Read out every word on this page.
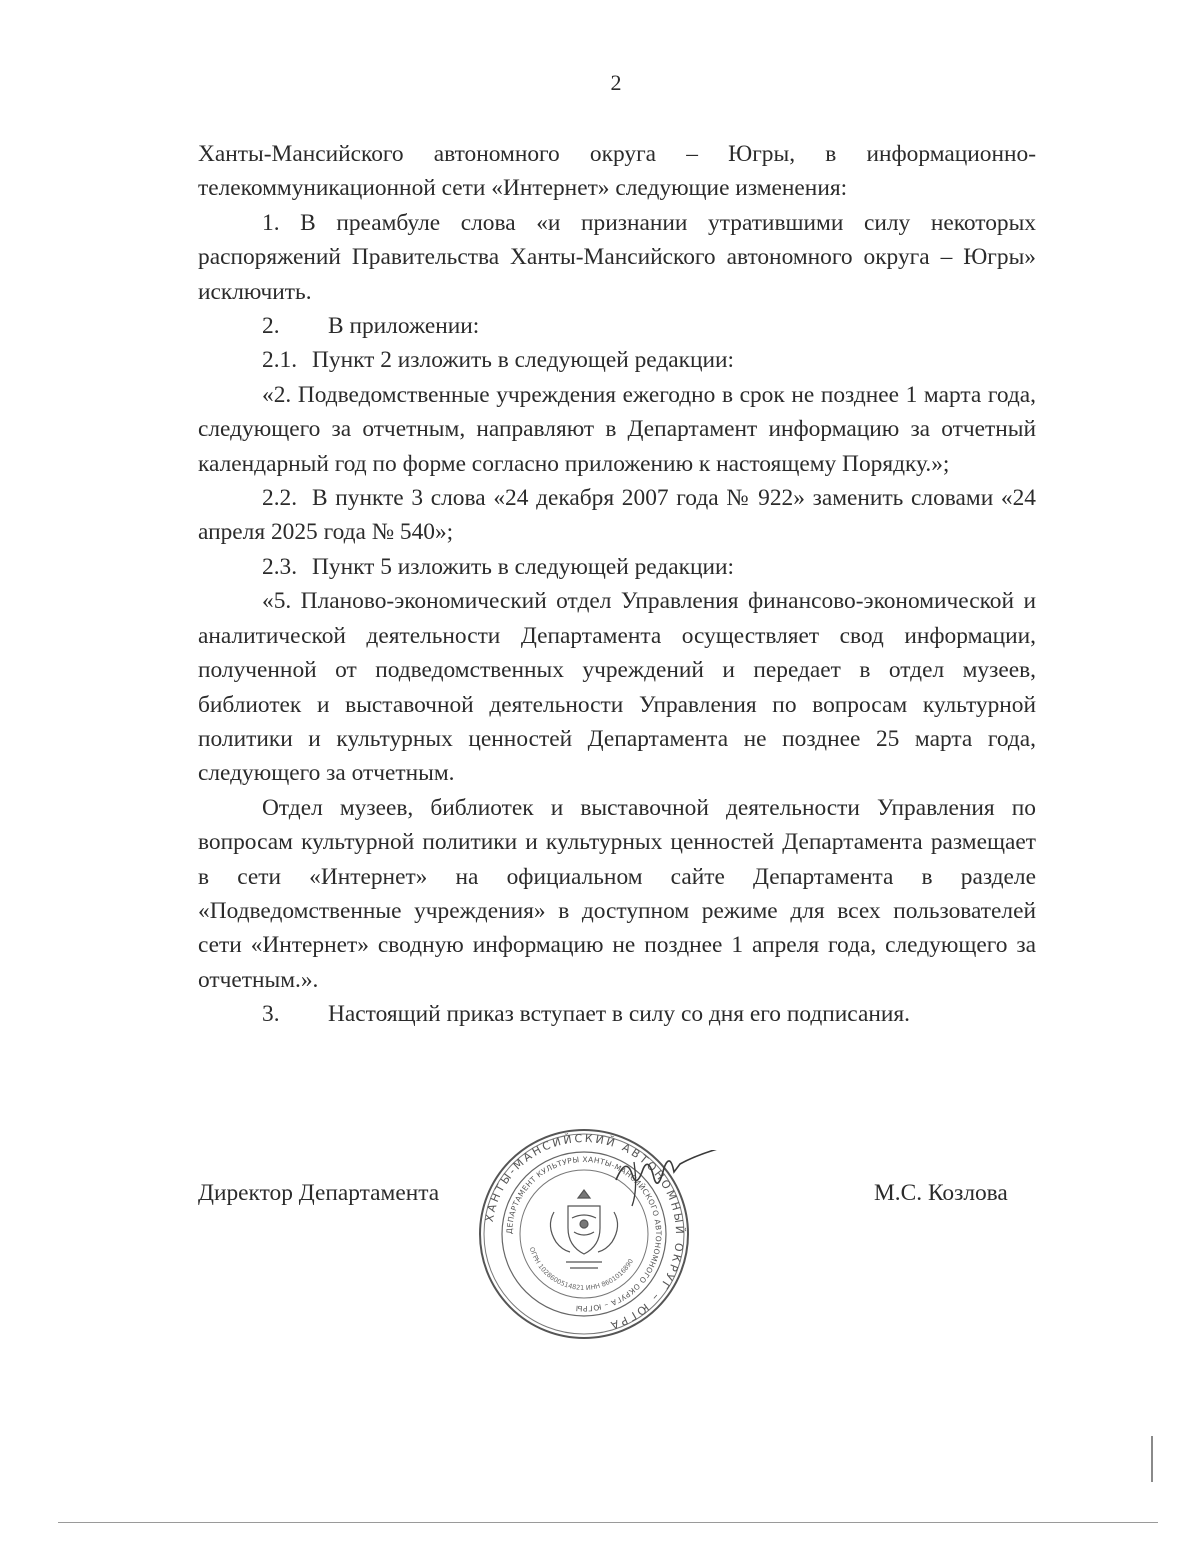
2

Ханты-Мансийского автономного округа – Югры, в информационно-телекоммуникационной сети «Интернет» следующие изменения:

1. В преамбуле слова «и признании утратившими силу некоторых распоряжений Правительства Ханты-Мансийского автономного округа – Югры» исключить.

2. В приложении:

2.1. Пункт 2 изложить в следующей редакции:

«2. Подведомственные учреждения ежегодно в срок не позднее 1 марта года, следующего за отчетным, направляют в Департамент информацию за отчетный календарный год по форме согласно приложению к настоящему Порядку.»;

2.2. В пункте 3 слова «24 декабря 2007 года № 922» заменить словами «24 апреля 2025 года № 540»;

2.3. Пункт 5 изложить в следующей редакции:

«5. Планово-экономический отдел Управления финансово-экономической и аналитической деятельности Департамента осуществляет свод информации, полученной от подведомственных учреждений и передает в отдел музеев, библиотек и выставочной деятельности Управления по вопросам культурной политики и культурных ценностей Департамента не позднее 25 марта года, следующего за отчетным.

Отдел музеев, библиотек и выставочной деятельности Управления по вопросам культурной политики и культурных ценностей Департамента размещает в сети «Интернет» на официальном сайте Департамента в разделе «Подведомственные учреждения» в доступном режиме для всех пользователей сети «Интернет» сводную информацию не позднее 1 апреля года, следующего за отчетным.».

3. Настоящий приказ вступает в силу со дня его подписания.

Директор Департамента
ХАНТЫ-МАНСИЙСКИЙ АВТОНОМНЫЙ ОКРУГ – ЮГРА
ДЕПАРТАМЕНТ КУЛЬТУРЫ ХАНТЫ-МАНСИЙСКОГО АВТОНОМНОГО ОКРУГА – ЮГРЫ
ОГРН 1028600514821 ИНН 8601016890
М.С. Козлова
